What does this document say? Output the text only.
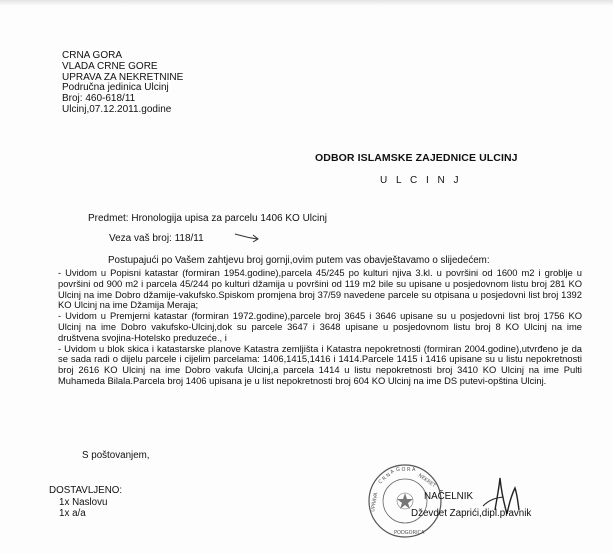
CRNA GORA
VLADA CRNE GORE
UPRAVA ZA NEKRETNINE
Područna jedinica Ulcinj
Broj: 460-618/11
Ulcinj,07.12.2011.godine
ODBOR ISLAMSKE ZAJEDNICE ULCINJ
U L C I N J
Predmet: Hronologija upisa za parcelu 1406 KO Ulcinj
Veza vaš broj: 118/11
Postupajući po Vašem zahtjevu broj gornji,ovim putem vas obavještavamo o slijedećem:

- Uvidom u Popisni katastar (formiran 1954.godine),parcela 45/245 po kulturi njiva 3.kl. u površini od 1600 m2 i groblje u površini od 900 m2 i parcela 45/244 po kulturi džamija u površini od 119 m2 bile su upisane u posjedovnom listu broj 281 KO Ulcinj na ime Dobro džamije-vakufsko.Spiskom promjena broj 37/59 navedene parcele su otpisana u posjedovni list broj 1392 KO Ulcinj na ime Džamija Meraja;

- Uvidom u Premjerni katastar (formiran 1972.godine),parcele broj 3645 i 3646 upisane su u posjedovni list broj 1756 KO Ulcinj na ime Dobro vakufsko-Ulcinj,dok su parcele 3647 i 3648 upisane u posjedovnom listu broj 8 KO Ulcinj na ime društvena svojina-Hotelsko preduzeće., i

- Uvidom u blok skica i katastarske planove Katastra zemljišta i Katastra nepokretnosti (formiran 2004.godine),utvrđeno je da se sada radi o dijelu parcele i cijelim parcelama: 1406,1415,1416 i 1414.Parcele 1415 i 1416 upisane su u listu nepokretnosti broj 2616 KO Ulcinj na ime Dobro vakufa Ulcinj,a parcela 1414 u listu nepokretnosti broj 3410 KO Ulcinj na ime Pulti Muhameda Bilala.Parcela broj 1406 upisana je u list nepokretnosti broj 604 KO Ulcinj na ime DS putevi-opština Ulcinj.

S poštovanjem,
DOSTAVLJENO:
1x Naslovu
1x a/a
C R N A G O R A
NEKRET
UPRAVA
PODGORICA
NAČELNIK
Dževdet Zaprići,dipl.pravnik
